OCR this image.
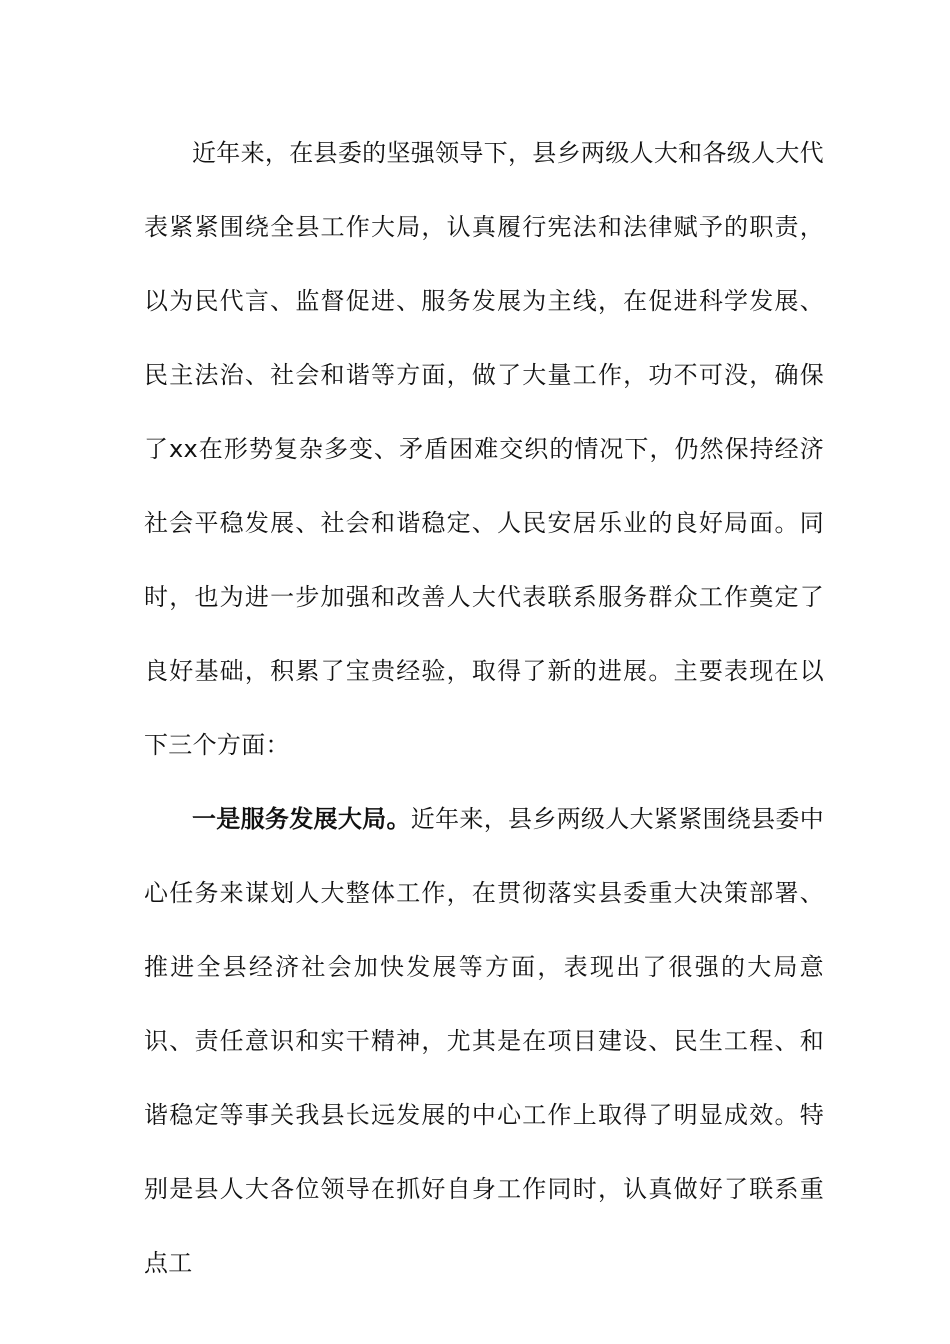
近年来，在县委的坚强领导下，县乡两级人大和各级人大代表紧紧围绕全县工作大局，认真履行宪法和法律赋予的职责，以为民代言、监督促进、服务发展为主线，在促进科学发展、民主法治、社会和谐等方面，做了大量工作，功不可没，确保了xx在形势复杂多变、矛盾困难交织的情况下，仍然保持经济社会平稳发展、社会和谐稳定、人民安居乐业的良好局面。同时，也为进一步加强和改善人大代表联系服务群众工作奠定了良好基础，积累了宝贵经验，取得了新的进展。主要表现在以下三个方面：

一是服务发展大局。近年来，县乡两级人大紧紧围绕县委中心任务来谋划人大整体工作，在贯彻落实县委重大决策部署、推进全县经济社会加快发展等方面，表现出了很强的大局意识、责任意识和实干精神，尤其是在项目建设、民生工程、和谐稳定等事关我县长远发展的中心工作上取得了明显成效。特别是县人大各位领导在抓好自身工作同时，认真做好了联系重点工
